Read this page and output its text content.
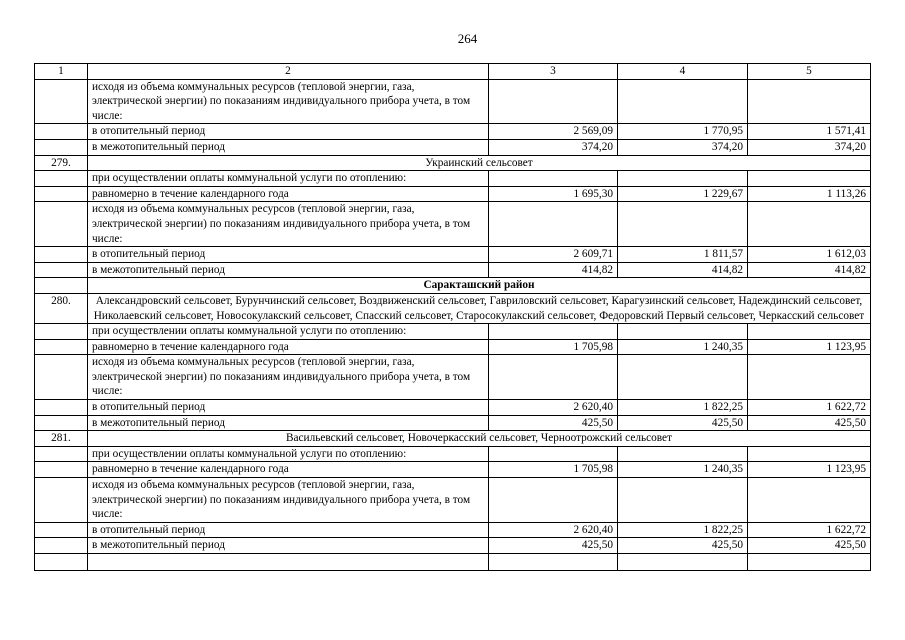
264
1	2	3	4	5
	исходя из объема коммунальных ресурсов (тепловой энергии, газа, электрической энергии) по показаниям индивидуального прибора учета, в том числе:			
	в отопительный период	2 569,09	1 770,95	1 571,41
	в межотопительный период	374,20	374,20	374,20
279.	Украинский сельсовет			
	при осуществлении оплаты коммунальной услуги по отоплению:			
	равномерно в течение календарного года	1 695,30	1 229,67	1 113,26
	исходя из объема коммунальных ресурсов (тепловой энергии, газа, электрической энергии) по показаниям индивидуального прибора учета, в том числе:			
	в отопительный период	2 609,71	1 811,57	1 612,03
	в межотопительный период	414,82	414,82	414,82
	Саракташский район			
280.	Александровский сельсовет, Бурунчинский сельсовет, Воздвиженский сельсовет, Гавриловский сельсовет, Карагузинский сельсовет, Надеждинский сельсовет, Николаевский сельсовет, Новосокулакский сельсовет, Спасский сельсовет, Старосокулакский сельсовет, Федоровский Первый сельсовет, Черкасский сельсовет			
	при осуществлении оплаты коммунальной услуги по отоплению:			
	равномерно в течение календарного года	1 705,98	1 240,35	1 123,95
	исходя из объема коммунальных ресурсов (тепловой энергии, газа, электрической энергии) по показаниям индивидуального прибора учета, в том числе:			
	в отопительный период	2 620,40	1 822,25	1 622,72
	в межотопительный период	425,50	425,50	425,50
281.	Васильевский сельсовет, Новочеркасский сельсовет, Черноотрожский сельсовет			
	при осуществлении оплаты коммунальной услуги по отоплению:			
	равномерно в течение календарного года	1 705,98	1 240,35	1 123,95
	исходя из объема коммунальных ресурсов (тепловой энергии, газа, электрической энергии) по показаниям индивидуального прибора учета, в том числе:			
	в отопительный период	2 620,40	1 822,25	1 622,72
	в межотопительный период	425,50	425,50	425,50
